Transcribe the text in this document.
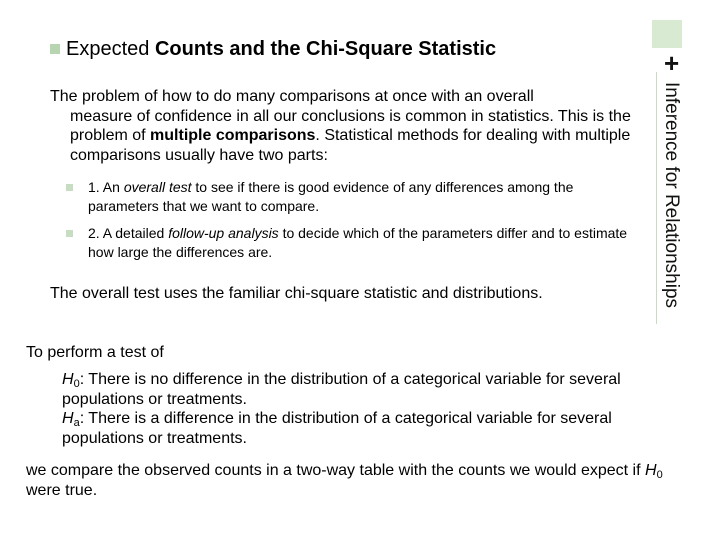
Expected Counts and the Chi-Square Statistic	+
Inference for Relationships
The problem of how to do many comparisons at once with an overall
measure of confidence in all our conclusions is common in statistics. This is the problem of multiple comparisons. Statistical methods for dealing with multiple comparisons usually have two parts:
1. An overall test to see if there is good evidence of any differences among the parameters that we want to compare.
2. A detailed follow-up analysis to decide which of the parameters differ and to estimate how large the differences are.
The overall test uses the familiar chi-square statistic and distributions.
To perform a test of
$H_0$: There is no difference in the distribution of a categorical variable for several populations or treatments.
$H_a$: There is a difference in the distribution of a categorical variable for several populations or treatments.
we compare the observed counts in a two-way table with the counts we would expect if $H_0$ were true.
